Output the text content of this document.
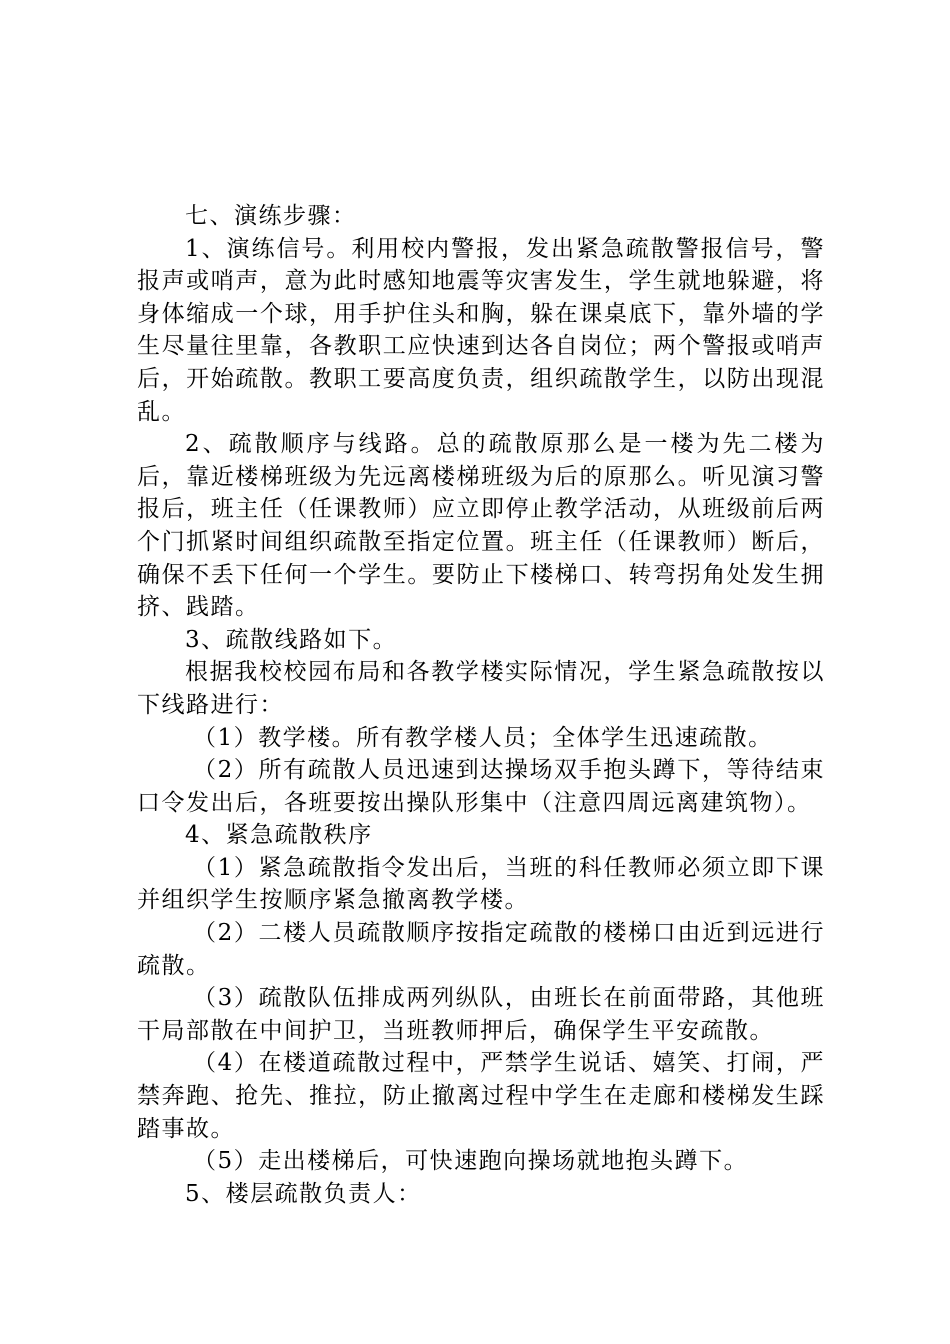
七、演练步骤：

1、演练信号。利用校内警报，发出紧急疏散警报信号，警报声或哨声，意为此时感知地震等灾害发生，学生就地躲避，将身体缩成一个球，用手护住头和胸，躲在课桌底下，靠外墙的学生尽量往里靠，各教职工应快速到达各自岗位；两个警报或哨声后，开始疏散。教职工要高度负责，组织疏散学生，以防出现混乱。

2、疏散顺序与线路。总的疏散原那么是一楼为先二楼为后，靠近楼梯班级为先远离楼梯班级为后的原那么。听见演习警报后，班主任（任课教师）应立即停止教学活动，从班级前后两个门抓紧时间组织疏散至指定位置。班主任（任课教师）断后，确保不丢下任何一个学生。要防止下楼梯口、转弯拐角处发生拥挤、践踏。

3、疏散线路如下。

根据我校校园布局和各教学楼实际情况，学生紧急疏散按以下线路进行：

（1）教学楼。所有教学楼人员；全体学生迅速疏散。

（2）所有疏散人员迅速到达操场双手抱头蹲下，等待结束口令发出后，各班要按出操队形集中（注意四周远离建筑物）。

4、紧急疏散秩序

（1）紧急疏散指令发出后，当班的科任教师必须立即下课并组织学生按顺序紧急撤离教学楼。

（2）二楼人员疏散顺序按指定疏散的楼梯口由近到远进行疏散。

（3）疏散队伍排成两列纵队，由班长在前面带路，其他班干局部散在中间护卫，当班教师押后，确保学生平安疏散。

（4）在楼道疏散过程中，严禁学生说话、嬉笑、打闹，严禁奔跑、抢先、推拉，防止撤离过程中学生在走廊和楼梯发生踩踏事故。

（5）走出楼梯后，可快速跑向操场就地抱头蹲下。

5、楼层疏散负责人：
